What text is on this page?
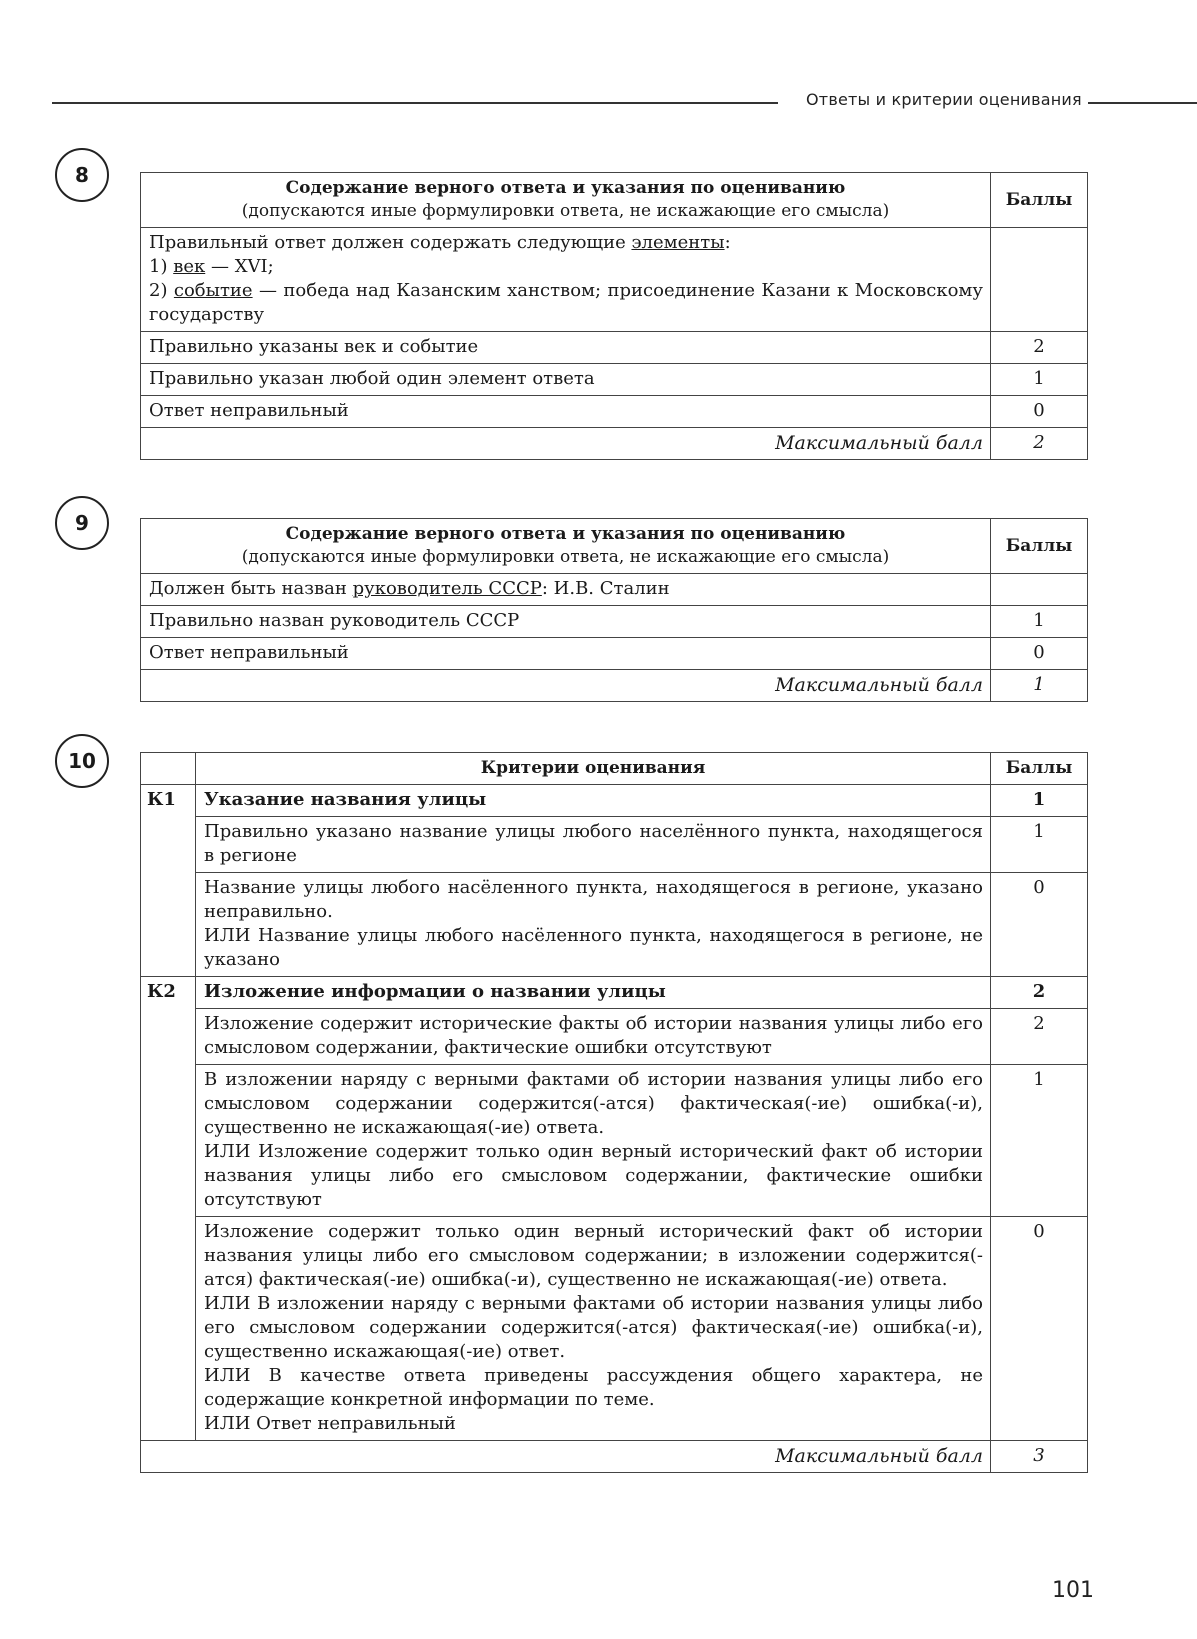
Ответы и критерии оценивания
8
Содержание верного ответа и указания по оцениванию
(допускаются иные формулировки ответа, не искажающие его смысла)	Баллы

Правильный ответ должен содержать следующие элементы:
1) век — XVI;
2) событие — победа над Казанским ханством; присоединение Казани к Московскому государству	

Правильно указаны век и событие	2
Правильно указан любой один элемент ответа	1
Ответ неправильный	0
Максимальный балл	2
9	Содержание верного ответа и указания по оцениванию
(допускаются иные формулировки ответа, не искажающие его смысла)	Баллы
Должен быть назван руководитель СССР: И.В. Сталин	
Правильно назван руководитель СССР	1
Ответ неправильный	0
Максимальный балл	1
10
		Критерии оценивания	Баллы
К1	Указание названия улицы	1
	Правильно указано название улицы любого населённого пункта, находящегося в регионе	1

	Название улицы любого насёленного пункта, находящегося в регионе, указано неправильно.
ИЛИ Название улицы любого насёленного пункта, находящегося в регионе, не указано	0
К2	Изложение информации о названии улицы	2
	Изложение содержит исторические факты об истории названия улицы либо его смысловом содержании, фактические ошибки отсутствуют	2

	В изложении наряду с верными фактами об истории названия улицы либо его смысловом содержании содержится(-атся) фактическая(-ие) ошибка(-и), существенно не искажающая(-ие) ответа.
ИЛИ Изложение содержит только один верный исторический факт об истории названия улицы либо его смысловом содержании, фактические ошибки отсутствуют	1

	Изложение содержит только один верный исторический факт об истории названия улицы либо его смысловом содержании; в изложении содержится(-атся) фактическая(-ие) ошибка(-и), существенно не искажающая(-ие) ответа.
ИЛИ В изложении наряду с верными фактами об истории названия улицы либо его смысловом содержании содержится(-атся) фактическая(-ие) ошибка(-и), существенно искажающая(-ие) ответ.
ИЛИ В качестве ответа приведены рассуждения общего характера, не содержащие конкретной информации по теме.
ИЛИ Ответ неправильный	0
Максимальный балл		3
101
